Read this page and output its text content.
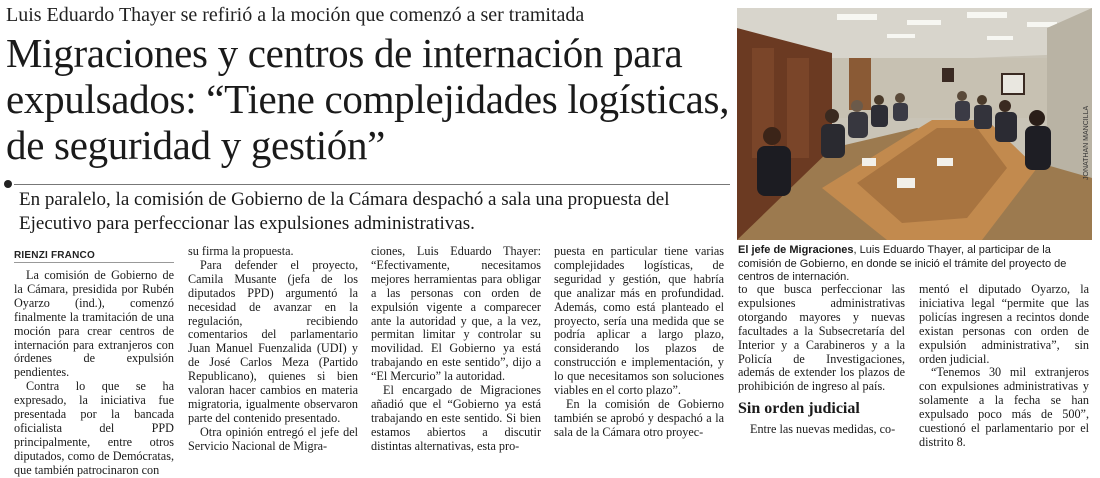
Luis Eduardo Thayer se refirió a la moción que comenzó a ser tramitada
Migraciones y centros de internación para expulsados: “Tiene complejidades logísticas, de seguridad y gestión”
En paralelo, la comisión de Gobierno de la Cámara despachó a sala una propuesta del Ejecutivo para perfeccionar las expulsiones administrativas.
RIENZI FRANCO

La comisión de Gobierno de la Cámara, presidida por Rubén Oyarzo (ind.), comenzó finalmente la tramitación de una moción para crear centros de internación para extranjeros con órdenes de expulsión pendientes.

Contra lo que se ha expresado, la iniciativa fue presentada por la bancada oficialista del PPD principalmente, entre otros diputados, como de Demócratas, que también patrocinaron con

su firma la propuesta.

Para defender el proyecto, Camila Musante (jefa de los diputados PPD) argumentó la necesidad de avanzar en la regulación, recibiendo comentarios del parlamentario Juan Manuel Fuenzalida (UDI) y de José Carlos Meza (Partido Republicano), quienes si bien valoran hacer cambios en materia migratoria, igualmente observaron parte del contenido presentado.

Otra opinión entregó el jefe del Servicio Nacional de Migra-

ciones, Luis Eduardo Thayer: “Efectivamente, necesitamos mejores herramientas para obligar a las personas con orden de expulsión vigente a comparecer ante la autoridad y que, a la vez, permitan limitar y controlar su movilidad. El Gobierno ya está trabajando en este sentido”, dijo a “El Mercurio” la autoridad.

El encargado de Migraciones añadió que el “Gobierno ya está trabajando en este sentido. Si bien estamos abiertos a discutir distintas alternativas, esta pro-

puesta en particular tiene varias complejidades logísticas, de seguridad y gestión, que habría que analizar más en profundidad. Además, como está planteado el proyecto, sería una medida que se podría aplicar a largo plazo, considerando los plazos de construcción e implementación, y lo que necesitamos son soluciones viables en el corto plazo”.

En la comisión de Gobierno también se aprobó y despachó a la sala de la Cámara otro proyec-

to que busca perfeccionar las expulsiones administrativas otorgando mayores y nuevas facultades a la Subsecretaría del Interior y a Carabineros y a la Policía de Investigaciones, además de extender los plazos de prohibición de ingreso al país.

Sin orden judicial

Entre las nuevas medidas, co-

mentó el diputado Oyarzo, la iniciativa legal “permite que las policías ingresen a recintos donde existan personas con orden de expulsión administrativa”, sin orden judicial.

“Tenemos 30 mil extranjeros con expulsiones administrativas y solamente a la fecha se han expulsado poco más de 500”, cuestionó el parlamentario por el distrito 8.

JONATHAN MANCILLA
El jefe de Migraciones, Luis Eduardo Thayer, al participar de la comisión de Gobierno, en donde se inició el trámite del proyecto de centros de internación.
